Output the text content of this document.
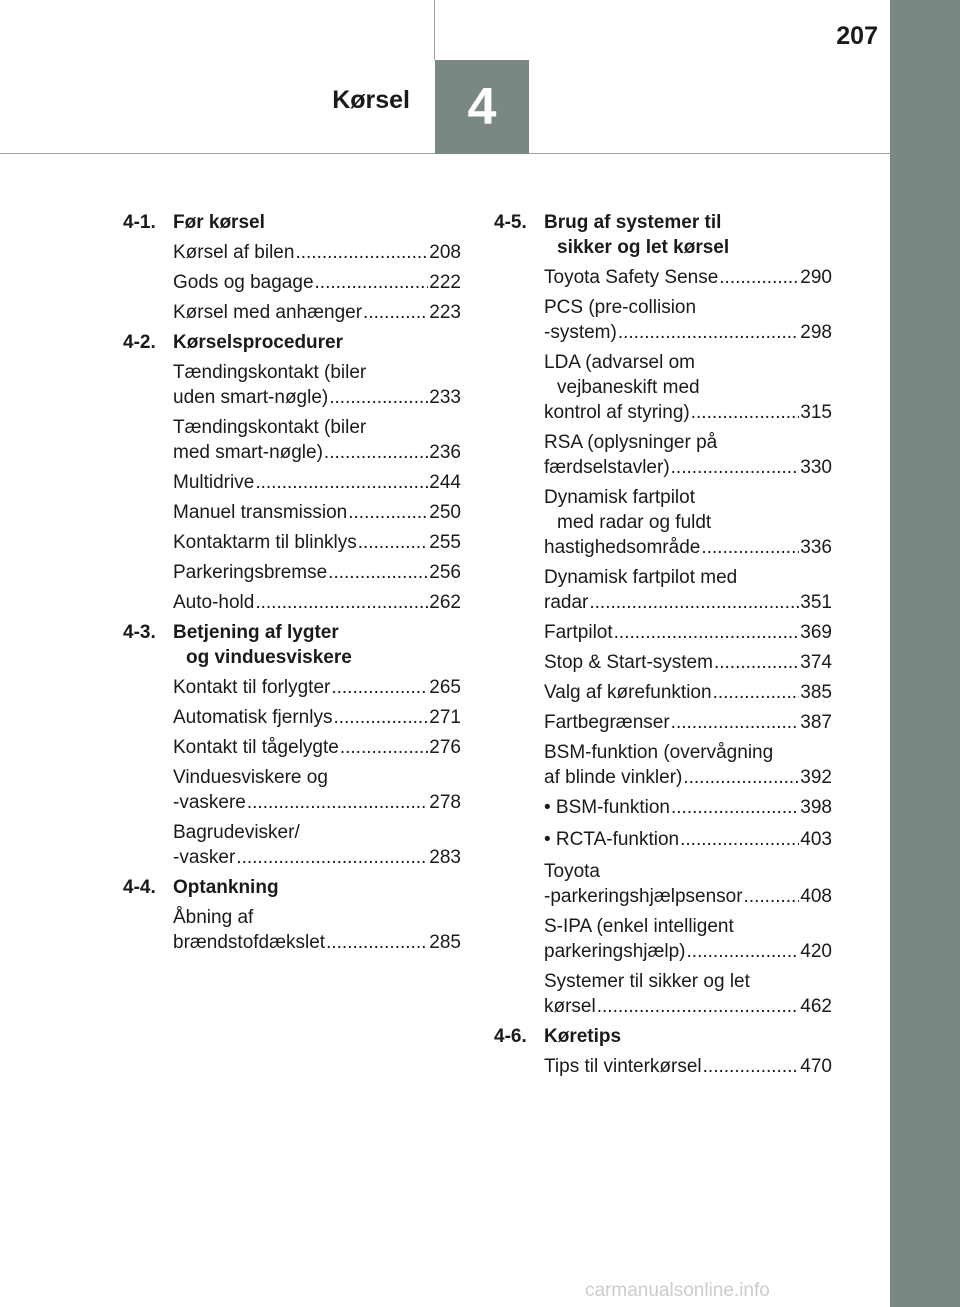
207
Kørsel	4
4-1. Før kørsel
Kørsel af bilen .....	208
Gods og bagage .....	222
Kørsel med anhænger .....	223
4-2. Kørselsprocedurer
Tændingskontakt (biler
uden smart-nøgle) .....	233
Tændingskontakt (biler
med smart-nøgle) .....	236
Multidrive .....	244
Manuel transmission .....	250
Kontaktarm til blinklys .....	255
Parkeringsbremse .....	256
Auto-hold .....	262
4-3. Betjening af lygter
og vinduesviskere
Kontakt til forlygter .....	265
Automatisk fjernlys .....	271
Kontakt til tågelygte .....	276
Vinduesviskere og
-vaskere .....	278
Bagrudevisker/
-vasker .....	283
4-4. Optankning
Åbning af
brændstofdækslet .....	285
4-5. Brug af systemer til
sikker og let kørsel
Toyota Safety Sense .....	290
PCS (pre-collision
-system) .....	298
LDA (advarsel om
vejbaneskift med
kontrol af styring) .....	315
RSA (oplysninger på
færdselstavler) .....	330
Dynamisk fartpilot
med radar og fuldt
hastighedsområde .....	336
Dynamisk fartpilot med
radar .....	351
Fartpilot .....	369
Stop & Start-system .....	374
Valg af kørefunktion .....	385
Fartbegrænser .....	387
BSM-funktion (overvågning
af blinde vinkler) .....	392
• BSM-funktion .....	398
• RCTA-funktion .....	403
Toyota
-parkeringshjælpsensor .....	408
S-IPA (enkel intelligent
parkeringshjælp) .....	420
Systemer til sikker og let
kørsel .....	462
4-6. Køretips
Tips til vinterkørsel .....	470
carmanualsonline.info
